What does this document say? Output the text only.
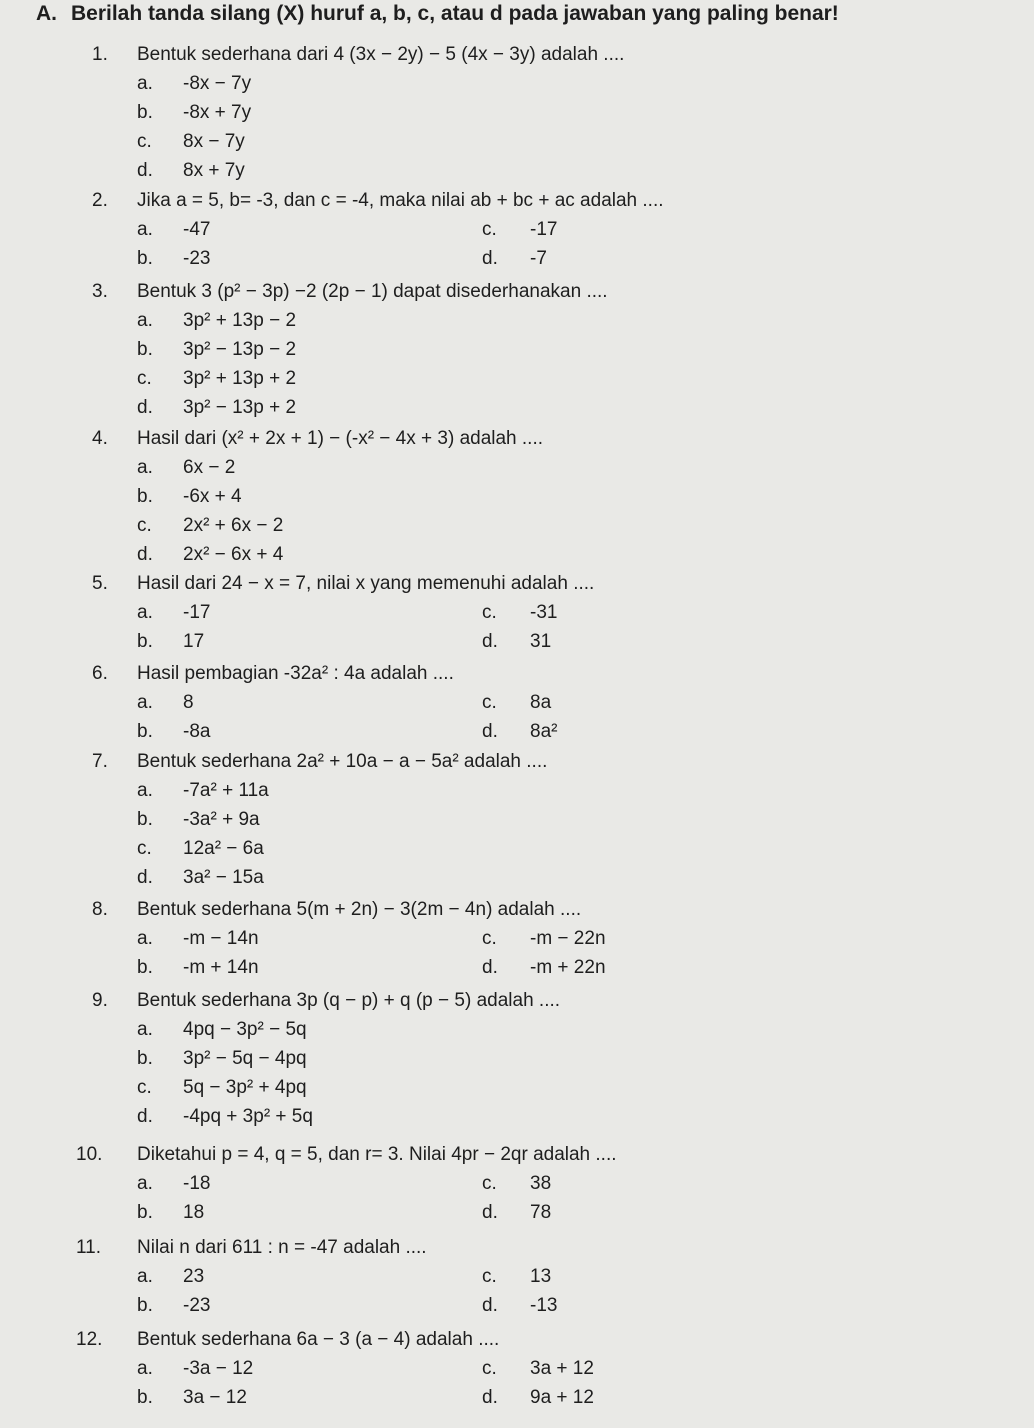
A. Berilah tanda silang (X) huruf a, b, c, atau d pada jawaban yang paling benar!
1. Bentuk sederhana dari 4 (3x − 2y) − 5 (4x − 3y) adalah ....
a. -8x − 7y
b. -8x + 7y
c. 8x − 7y
d. 8x + 7y
2. Jika a = 5, b= -3, dan c = -4, maka nilai ab + bc + ac adalah ....
a. -47	c. -17
b. -23	d. -7
3. Bentuk 3 (p² − 3p) −2 (2p − 1) dapat disederhanakan ....
a. 3p² + 13p − 2
b. 3p² − 13p − 2
c. 3p² + 13p + 2
d. 3p² − 13p + 2
4. Hasil dari (x² + 2x + 1) − (-x² − 4x + 3) adalah ....
a. 6x − 2
b. -6x + 4
c. 2x² + 6x − 2
d. 2x² − 6x + 4
5. Hasil dari 24 − x = 7, nilai x yang memenuhi adalah ....
a. -17	c. -31
b. 17	d. 31
6. Hasil pembagian -32a² : 4a adalah ....
a. 8	c. 8a
b. -8a	d. 8a²
7. Bentuk sederhana 2a² + 10a − a − 5a² adalah ....
a. -7a² + 11a
b. -3a² + 9a
c. 12a² − 6a
d. 3a² − 15a
8. Bentuk sederhana 5(m + 2n) − 3(2m − 4n) adalah ....
a. -m − 14n	c. -m − 22n
b. -m + 14n	d. -m + 22n
9. Bentuk sederhana 3p (q − p) + q (p − 5) adalah ....
a. 4pq − 3p² − 5q
b. 3p² − 5q − 4pq
c. 5q − 3p² + 4pq
d. -4pq + 3p² + 5q
10. Diketahui p = 4, q = 5, dan r= 3. Nilai 4pr − 2qr adalah ....
a. -18	c. 38
b. 18	d. 78
11. Nilai n dari 611 : n = -47 adalah ....
a. 23	c. 13
b. -23	d. -13
12. Bentuk sederhana 6a − 3 (a − 4) adalah ....
a. -3a − 12	c. 3a + 12
b. 3a − 12	d. 9a + 12
